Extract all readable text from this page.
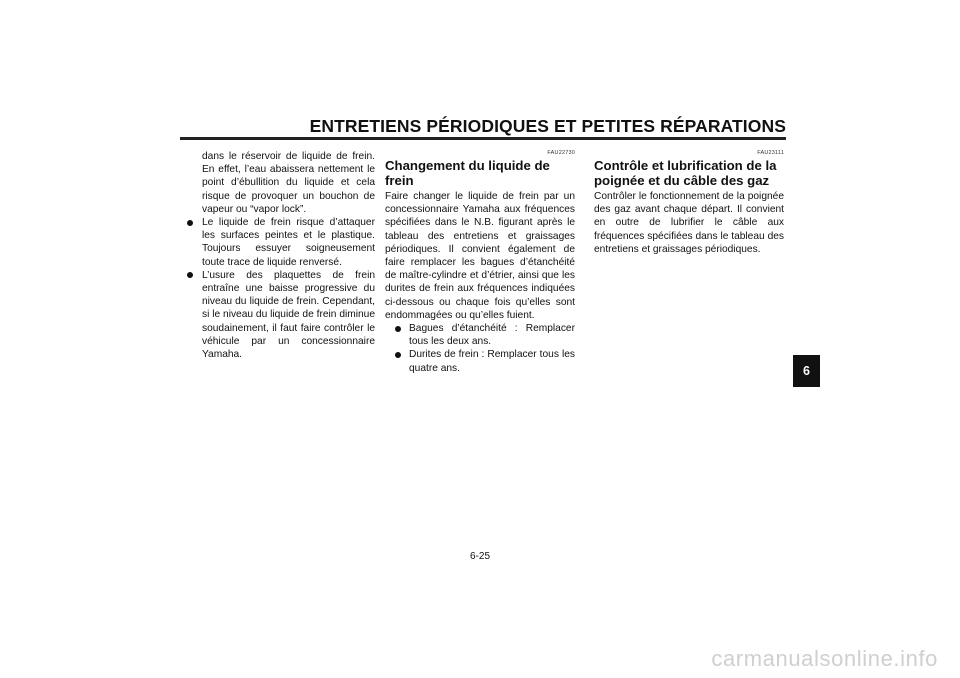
ENTRETIENS PÉRIODIQUES ET PETITES RÉPARATIONS

dans le réservoir de liquide de frein. En effet, l’eau abaissera nettement le point d’ébullition du liquide et cela risque de provoquer un bouchon de vapeur ou “vapor lock”.

Le liquide de frein risque d’attaquer les surfaces peintes et le plastique. Toujours essuyer soigneusement toute trace de liquide renversé.

L’usure des plaquettes de frein entraîne une baisse progressive du niveau du liquide de frein. Cependant, si le niveau du liquide de frein diminue soudainement, il faut faire contrôler le véhicule par un concessionnaire Yamaha.

FAU22730
Changement du liquide de frein

Faire changer le liquide de frein par un concessionnaire Yamaha aux fréquences spécifiées dans le N.B. figurant après le tableau des entretiens et graissages périodiques. Il convient également de faire remplacer les bagues d’étanchéité de maître-cylindre et d’étrier, ainsi que les durites de frein aux fréquences indiquées ci-dessous ou chaque fois qu’elles sont endommagées ou qu’elles fuient.

Bagues d’étanchéité : Remplacer tous les deux ans.

Durites de frein : Remplacer tous les quatre ans.

FAU23111
Contrôle et lubrification de la poignée et du câble des gaz

Contrôler le fonctionnement de la poignée des gaz avant chaque départ. Il convient en outre de lubrifier le câble aux fréquences spécifiées dans le tableau des entretiens et graissages périodiques.

6
6-25
carmanualsonline.info
